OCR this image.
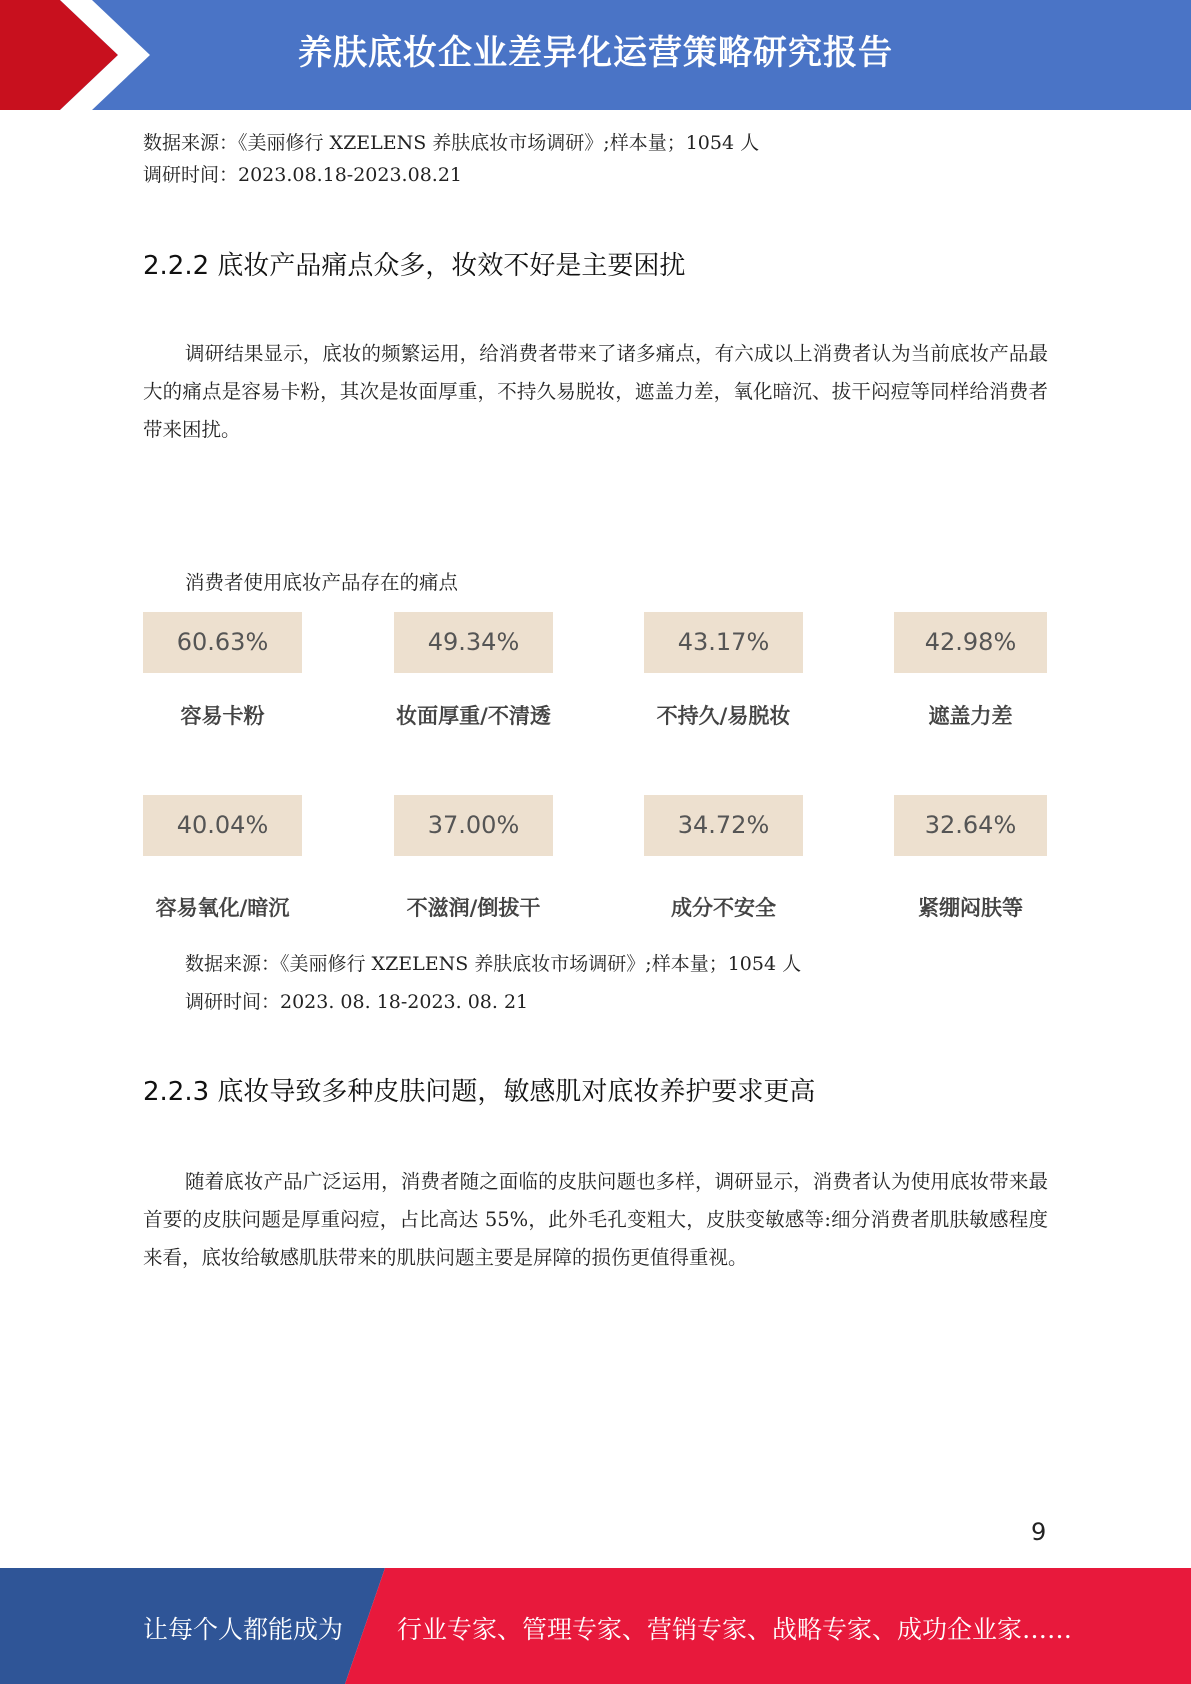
养肤底妆企业差异化运营策略研究报告
数据来源：《美丽修行 XZELENS 养肤底妆市场调研》;样本量；1054 人
调研时间：2023.08.18-2023.08.21
2.2.2 底妆产品痛点众多，妆效不好是主要困扰
调研结果显示，底妆的频繁运用，给消费者带来了诸多痛点，有六成以上消费者认为当前底妆产品最大的痛点是容易卡粉，其次是妆面厚重，不持久易脱妆，遮盖力差，氧化暗沉、拔干闷痘等同样给消费者带来困扰。
消费者使用底妆产品存在的痛点
60.63%
容易卡粉
49.34%
妆面厚重/不清透
43.17%
不持久/易脱妆
42.98%
遮盖力差
40.04%
容易氧化/暗沉
37.00%
不滋润/倒拔干
34.72%
成分不安全
32.64%
紧绷闷肤等
数据来源：《美丽修行 XZELENS 养肤底妆市场调研》;样本量；1054 人
调研时间：2023. 08. 18-2023. 08. 21
2.2.3 底妆导致多种皮肤问题，敏感肌对底妆养护要求更高
随着底妆产品广泛运用，消费者随之面临的皮肤问题也多样，调研显示，消费者认为使用底妆带来最首要的皮肤问题是厚重闷痘，占比高达 55%，此外毛孔变粗大，皮肤变敏感等:细分消费者肌肤敏感程度来看，底妆给敏感肌肤带来的肌肤问题主要是屏障的损伤更值得重视。
9
让每个人都能成为 行业专家、管理专家、营销专家、战略专家、成功企业家……
